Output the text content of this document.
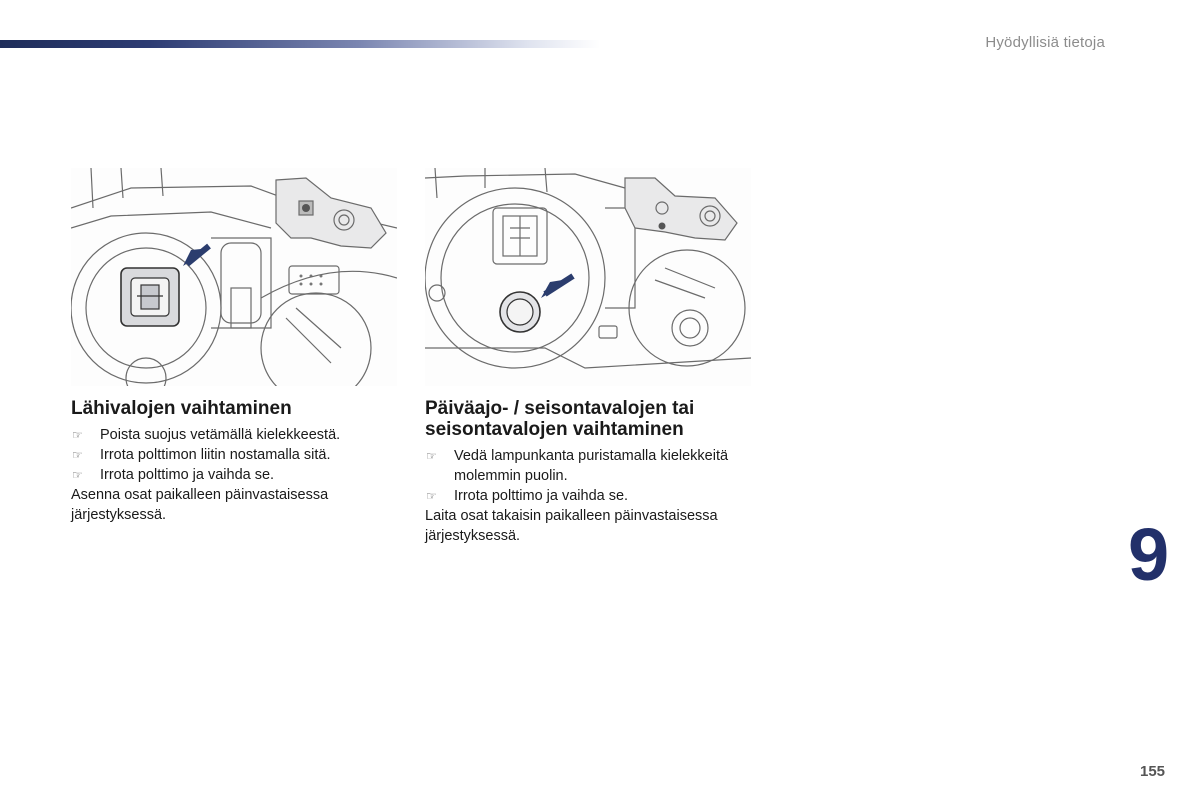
Hyödyllisiä tietoja
Lähivalojen vaihtaminen
☞ Poista suojus vetämällä kielekkeestä.
☞ Irrota polttimon liitin nostamalla sitä.
☞ Irrota polttimo ja vaihda se.
Asenna osat paikalleen päinvastaisessa järjestyksessä.
Päiväajo- / seisontavalojen tai seisontavalojen vaihtaminen
☞ Vedä lampunkanta puristamalla kielekkeitä molemmin puolin.
☞ Irrota polttimo ja vaihda se.
Laita osat takaisin paikalleen päinvastaisessa järjestyksessä.	9
155
